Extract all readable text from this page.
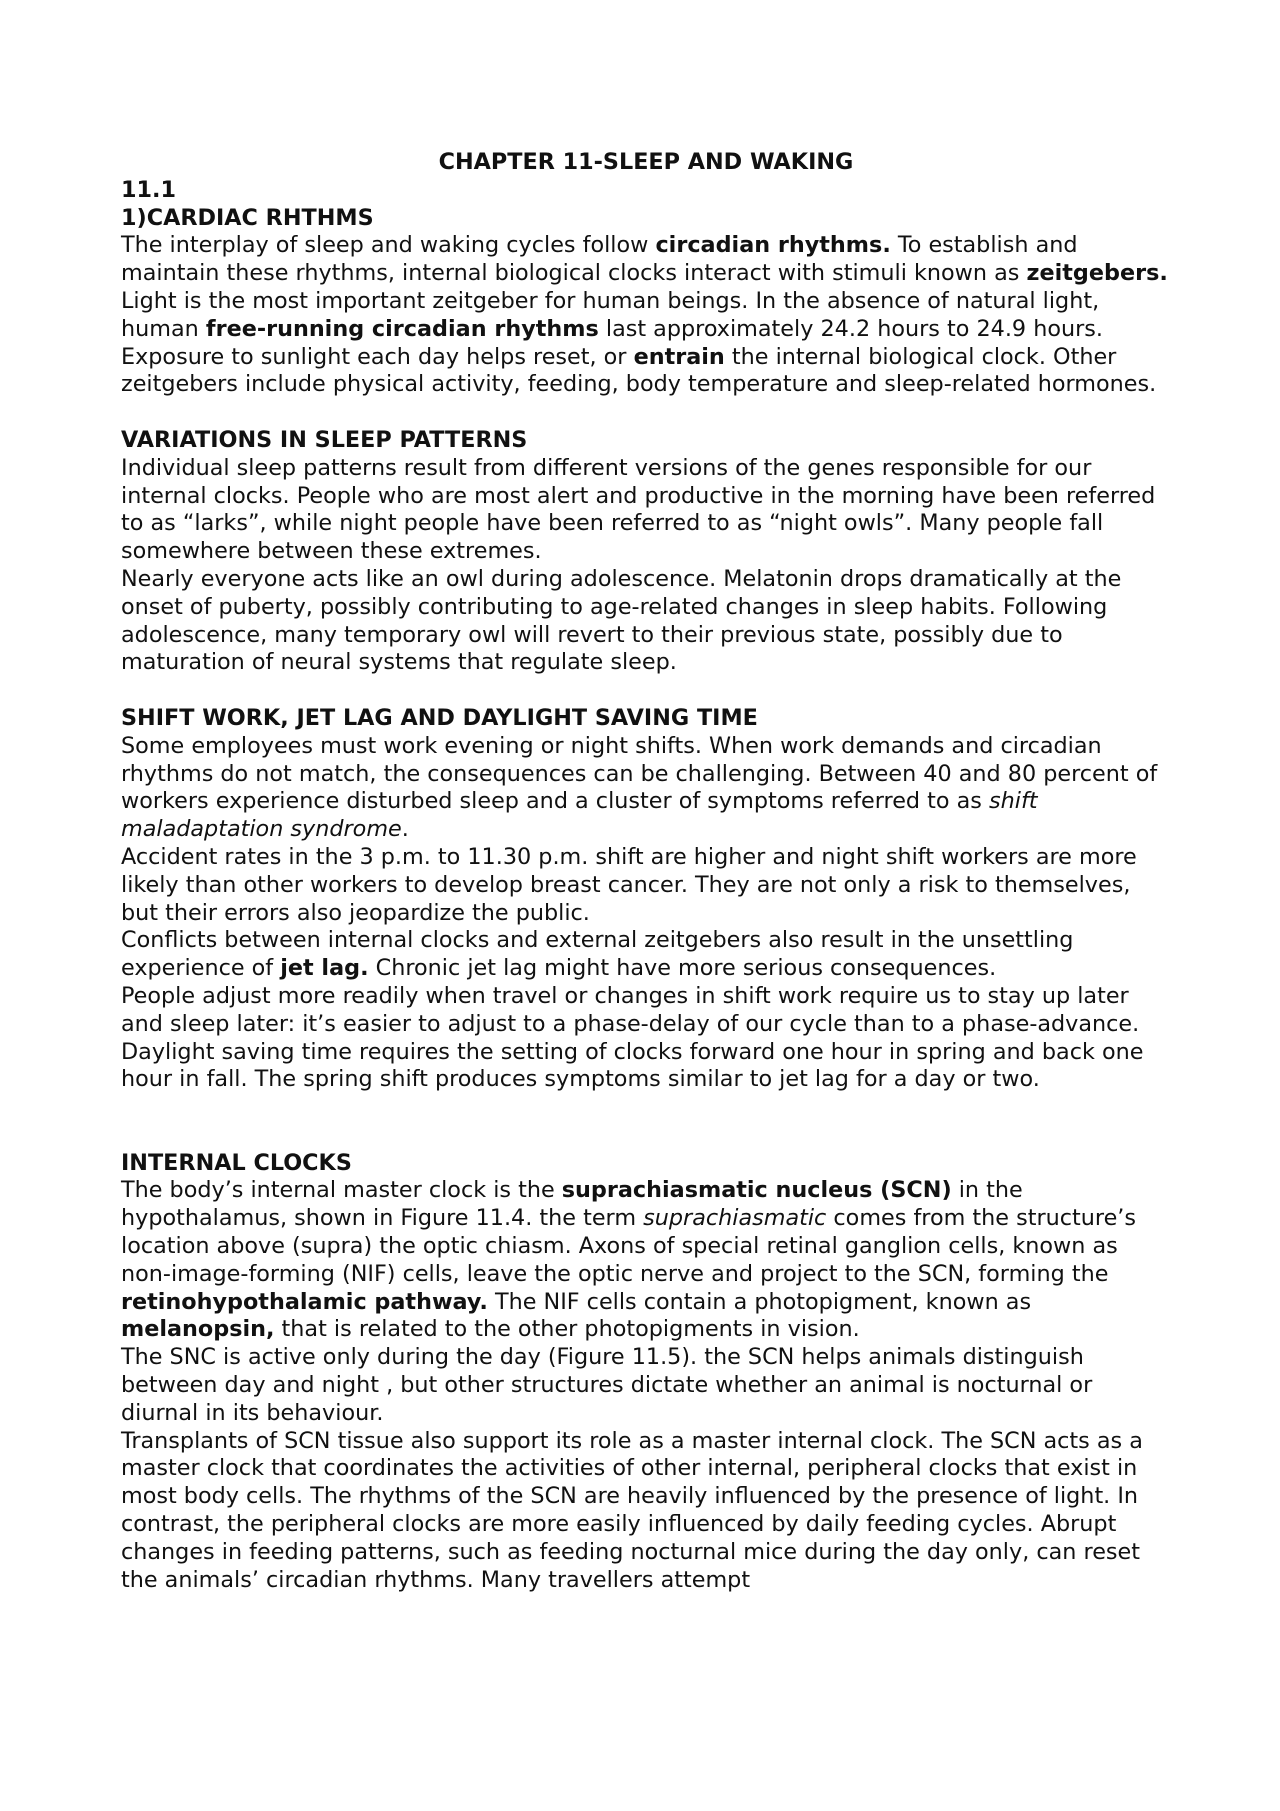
CHAPTER 11-SLEEP AND WAKING

11.1

1)CARDIAC RHTHMS

The interplay of sleep and waking cycles follow circadian rhythms. To establish and maintain these rhythms, internal biological clocks interact with stimuli known as zeitgebers. Light is the most important zeitgeber for human beings. In the absence of natural light, human free-running circadian rhythms last approximately 24.2 hours to 24.9 hours. Exposure to sunlight each day helps reset, or entrain the internal biological clock. Other zeitgebers include physical activity, feeding, body temperature and sleep-related hormones.

VARIATIONS IN SLEEP PATTERNS

Individual sleep patterns result from different versions of the genes responsible for our internal clocks. People who are most alert and productive in the morning have been referred to as “larks”, while night people have been referred to as “night owls”. Many people fall somewhere between these extremes.

Nearly everyone acts like an owl during adolescence. Melatonin drops dramatically at the onset of puberty, possibly contributing to age-related changes in sleep habits. Following adolescence, many temporary owl will revert to their previous state, possibly due to maturation of neural systems that regulate sleep.

SHIFT WORK, JET LAG AND DAYLIGHT SAVING TIME

Some employees must work evening or night shifts. When work demands and circadian rhythms do not match, the consequences can be challenging. Between 40 and 80 percent of workers experience disturbed sleep and a cluster of symptoms referred to as shift maladaptation syndrome.

Accident rates in the 3 p.m. to 11.30 p.m. shift are higher and night shift workers are more likely than other workers to develop breast cancer. They are not only a risk to themselves, but their errors also jeopardize the public.

Conflicts between internal clocks and external zeitgebers also result in the unsettling experience of jet lag. Chronic jet lag might have more serious consequences.

People adjust more readily when travel or changes in shift work require us to stay up later and sleep later: it’s easier to adjust to a phase-delay of our cycle than to a phase-advance.

Daylight saving time requires the setting of clocks forward one hour in spring and back one hour in fall. The spring shift produces symptoms similar to jet lag for a day or two.

INTERNAL CLOCKS

The body’s internal master clock is the suprachiasmatic nucleus (SCN) in the hypothalamus, shown in Figure 11.4. the term suprachiasmatic comes from the structure’s location above (supra) the optic chiasm. Axons of special retinal ganglion cells, known as non-image-forming (NIF) cells, leave the optic nerve and project to the SCN, forming the retinohypothalamic pathway. The NIF cells contain a photopigment, known as melanopsin, that is related to the other photopigments in vision.

The SNC is active only during the day (Figure 11.5). the SCN helps animals distinguish between day and night , but other structures dictate whether an animal is nocturnal or diurnal in its behaviour.

Transplants of SCN tissue also support its role as a master internal clock. The SCN acts as a master clock that coordinates the activities of other internal, peripheral clocks that exist in most body cells. The rhythms of the SCN are heavily influenced by the presence of light. In contrast, the peripheral clocks are more easily influenced by daily feeding cycles. Abrupt changes in feeding patterns, such as feeding nocturnal mice during the day only, can reset the animals’ circadian rhythms. Many travellers attempt
